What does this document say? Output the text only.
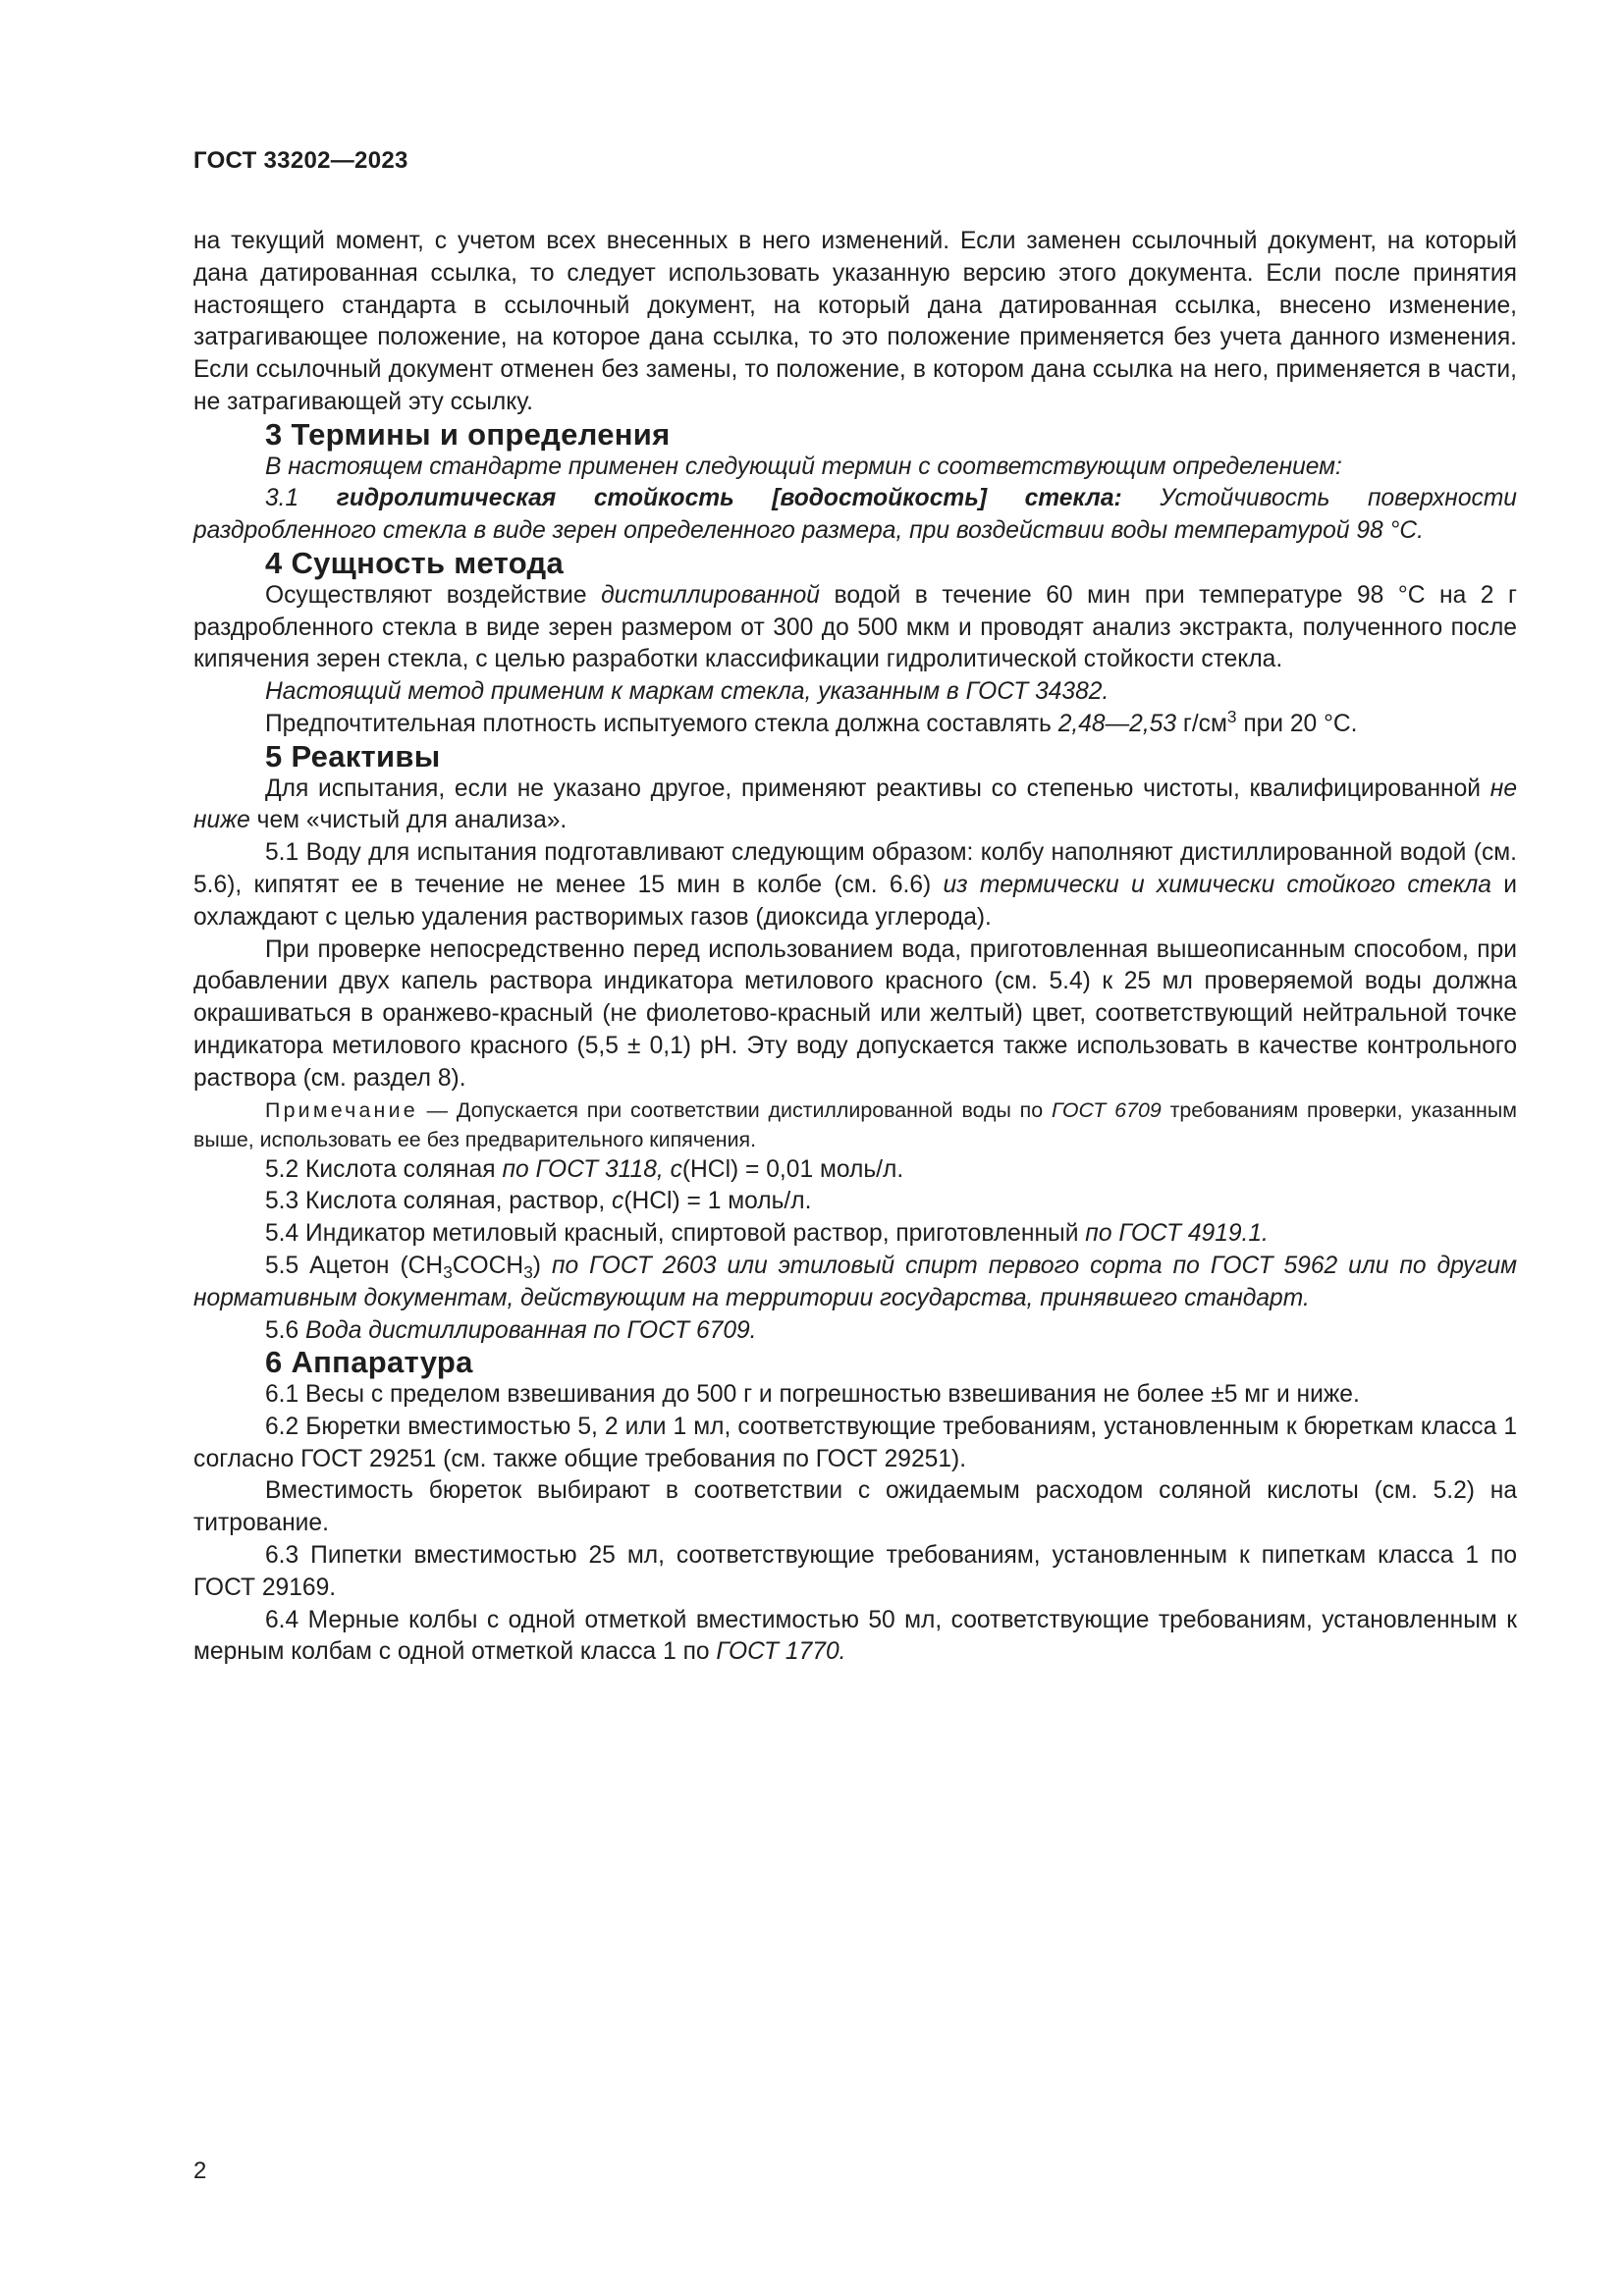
ГОСТ 33202—2023

на текущий момент, с учетом всех внесенных в него изменений. Если заменен ссылочный документ, на который дана датированная ссылка, то следует использовать указанную версию этого документа. Если после принятия настоящего стандарта в ссылочный документ, на который дана датированная ссылка, внесено изменение, затрагивающее положение, на которое дана ссылка, то это положение применяется без учета данного изменения. Если ссылочный документ отменен без замены, то положение, в котором дана ссылка на него, применяется в части, не затрагивающей эту ссылку.

3 Термины и определения

В настоящем стандарте применен следующий термин с соответствующим определением:

3.1 гидролитическая стойкость [водостойкость] стекла: Устойчивость поверхности раздробленного стекла в виде зерен определенного размера, при воздействии воды температурой 98 °С.

4 Сущность метода

Осуществляют воздействие дистиллированной водой в течение 60 мин при температуре 98 °С на 2 г раздробленного стекла в виде зерен размером от 300 до 500 мкм и проводят анализ экстракта, полученного после кипячения зерен стекла, с целью разработки классификации гидролитической стойкости стекла.

Настоящий метод применим к маркам стекла, указанным в ГОСТ 34382.

Предпочтительная плотность испытуемого стекла должна составлять 2,48—2,53 $г/см^3$ при 20 °С.

5 Реактивы

Для испытания, если не указано другое, применяют реактивы со степенью чистоты, квалифицированной не ниже чем «чистый для анализа».

5.1 Воду для испытания подготавливают следующим образом: колбу наполняют дистиллированной водой (см. 5.6), кипятят ее в течение не менее 15 мин в колбе (см. 6.6) из термически и химически стойкого стекла и охлаждают с целью удаления растворимых газов (диоксида углерода).

При проверке непосредственно перед использованием вода, приготовленная вышеописанным способом, при добавлении двух капель раствора индикатора метилового красного (см. 5.4) к 25 мл проверяемой воды должна окрашиваться в оранжево-красный (не фиолетово-красный или желтый) цвет, соответствующий нейтральной точке индикатора метилового красного (5,5 ± 0,1) рН. Эту воду допускается также использовать в качестве контрольного раствора (см. раздел 8).

Примечание — Допускается при соответствии дистиллированной воды по ГОСТ 6709 требованиям проверки, указанным выше, использовать ее без предварительного кипячения.

5.2 Кислота соляная по ГОСТ 3118, c(HCl) = 0,01 моль/л.

5.3 Кислота соляная, раствор, c(HCl) = 1 моль/л.

5.4 Индикатор метиловый красный, спиртовой раствор, приготовленный по ГОСТ 4919.1.

5.5 Ацетон $(CH_3COCH_3)$ по ГОСТ 2603 или этиловый спирт первого сорта по ГОСТ 5962 или по другим нормативным документам, действующим на территории государства, принявшего стандарт.

5.6 Вода дистиллированная по ГОСТ 6709.

6 Аппаратура

6.1 Весы с пределом взвешивания до 500 г и погрешностью взвешивания не более ±5 мг и ниже.

6.2 Бюретки вместимостью 5, 2 или 1 мл, соответствующие требованиям, установленным к бюреткам класса 1 согласно ГОСТ 29251 (см. также общие требования по ГОСТ 29251).

Вместимость бюреток выбирают в соответствии с ожидаемым расходом соляной кислоты (см. 5.2) на титрование.

6.3 Пипетки вместимостью 25 мл, соответствующие требованиям, установленным к пипеткам класса 1 по ГОСТ 29169.

6.4 Мерные колбы с одной отметкой вместимостью 50 мл, соответствующие требованиям, установленным к мерным колбам с одной отметкой класса 1 по ГОСТ 1770.

2
